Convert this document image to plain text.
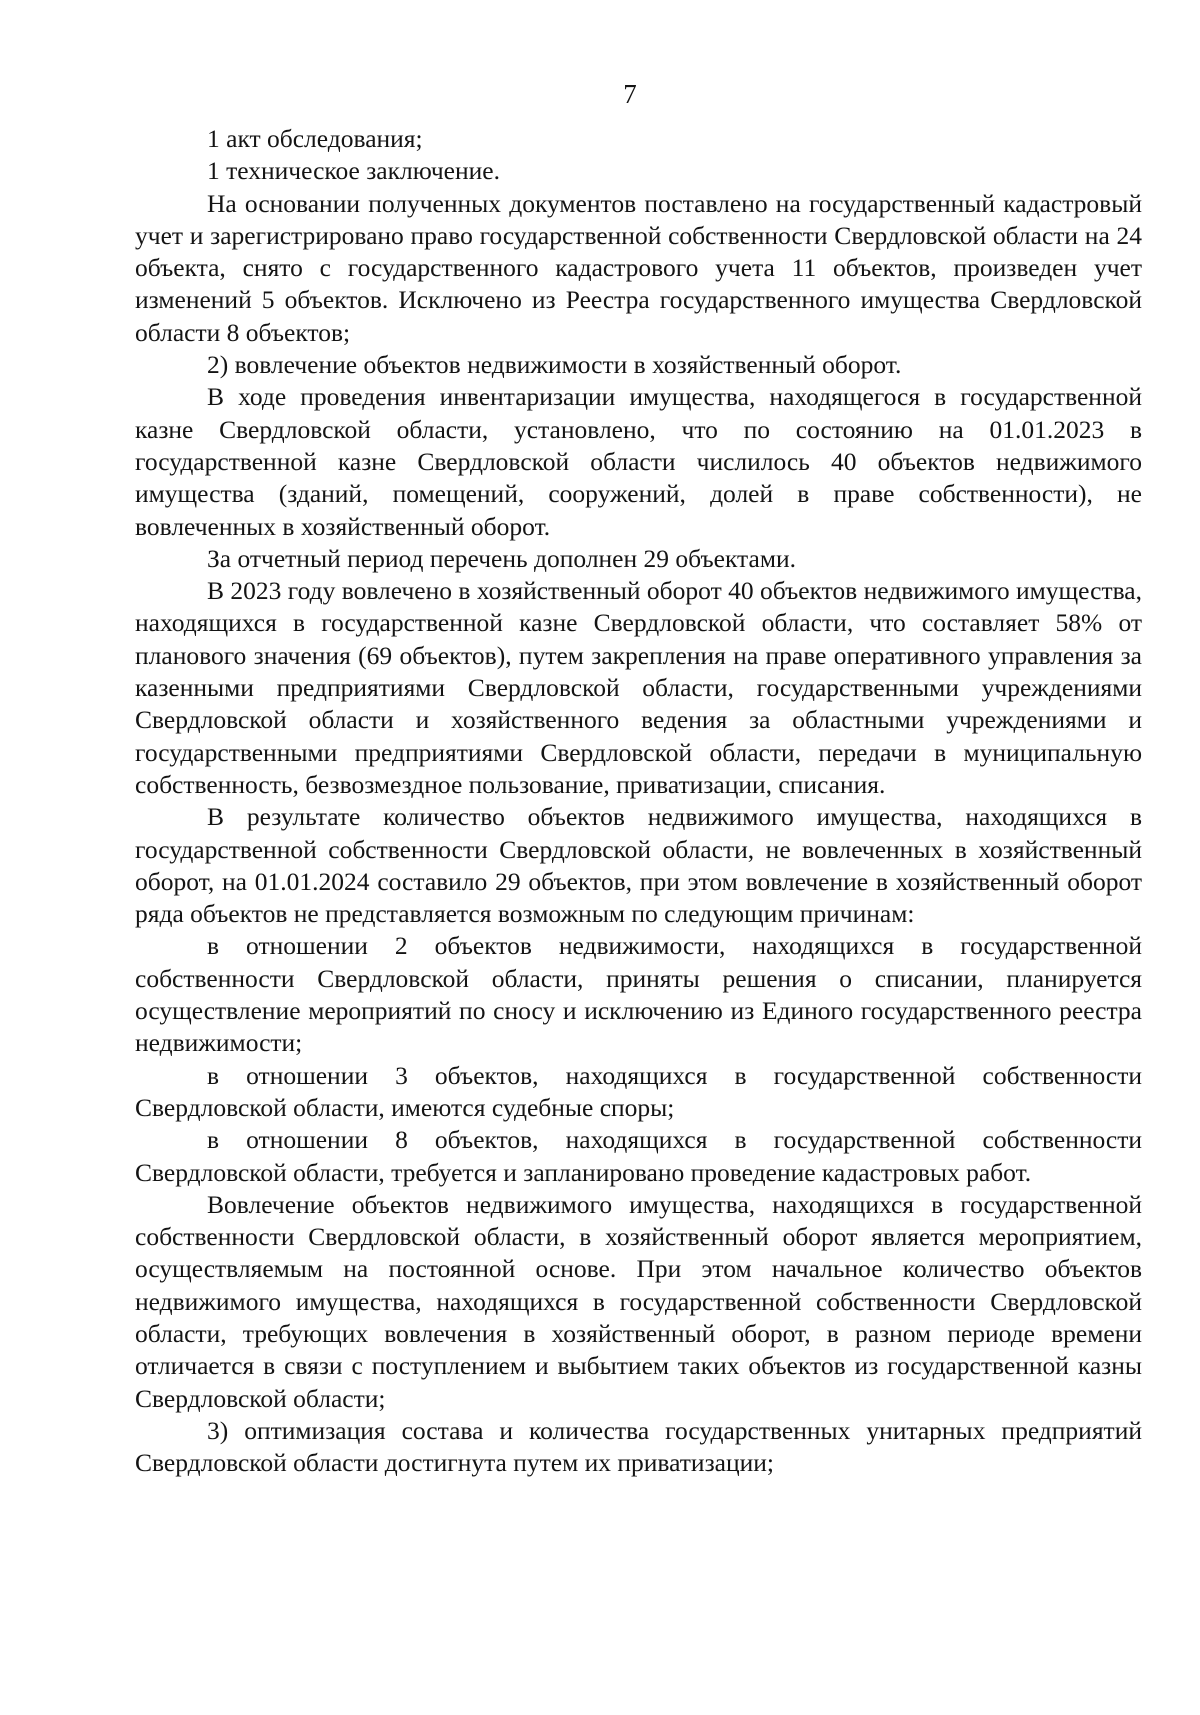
7

1 акт обследования;

1 техническое заключение.

На основании полученных документов поставлено на государственный кадастровый учет и зарегистрировано право государственной собственности Свердловской области на 24 объекта, снято с государственного кадастрового учета 11 объектов, произведен учет изменений 5 объектов. Исключено из Реестра государственного имущества Свердловской области 8 объектов;

2) вовлечение объектов недвижимости в хозяйственный оборот.

В ходе проведения инвентаризации имущества, находящегося в государственной казне Свердловской области, установлено, что по состоянию на 01.01.2023 в государственной казне Свердловской области числилось 40 объектов недвижимого имущества (зданий, помещений, сооружений, долей в праве собственности), не вовлеченных в хозяйственный оборот.

За отчетный период перечень дополнен 29 объектами.

В 2023 году вовлечено в хозяйственный оборот 40 объектов недвижимого имущества, находящихся в государственной казне Свердловской области, что составляет 58% от планового значения (69 объектов), путем закрепления на праве оперативного управления за казенными предприятиями Свердловской области, государственными учреждениями Свердловской области и хозяйственного ведения за областными учреждениями и государственными предприятиями Свердловской области, передачи в муниципальную собственность, безвозмездное пользование, приватизации, списания.

В результате количество объектов недвижимого имущества, находящихся в государственной собственности Свердловской области, не вовлеченных в хозяйственный оборот, на 01.01.2024 составило 29 объектов, при этом вовлечение в хозяйственный оборот ряда объектов не представляется возможным по следующим причинам:

в отношении 2 объектов недвижимости, находящихся в государственной собственности Свердловской области, приняты решения о списании, планируется осуществление мероприятий по сносу и исключению из Единого государственного реестра недвижимости;

в отношении 3 объектов, находящихся в государственной собственности Свердловской области, имеются судебные споры;

в отношении 8 объектов, находящихся в государственной собственности Свердловской области, требуется и запланировано проведение кадастровых работ.

Вовлечение объектов недвижимого имущества, находящихся в государственной собственности Свердловской области, в хозяйственный оборот является мероприятием, осуществляемым на постоянной основе. При этом начальное количество объектов недвижимого имущества, находящихся в государственной собственности Свердловской области, требующих вовлечения в хозяйственный оборот, в разном периоде времени отличается в связи с поступлением и выбытием таких объектов из государственной казны Свердловской области;

3) оптимизация состава и количества государственных унитарных предприятий Свердловской области достигнута путем их приватизации;
